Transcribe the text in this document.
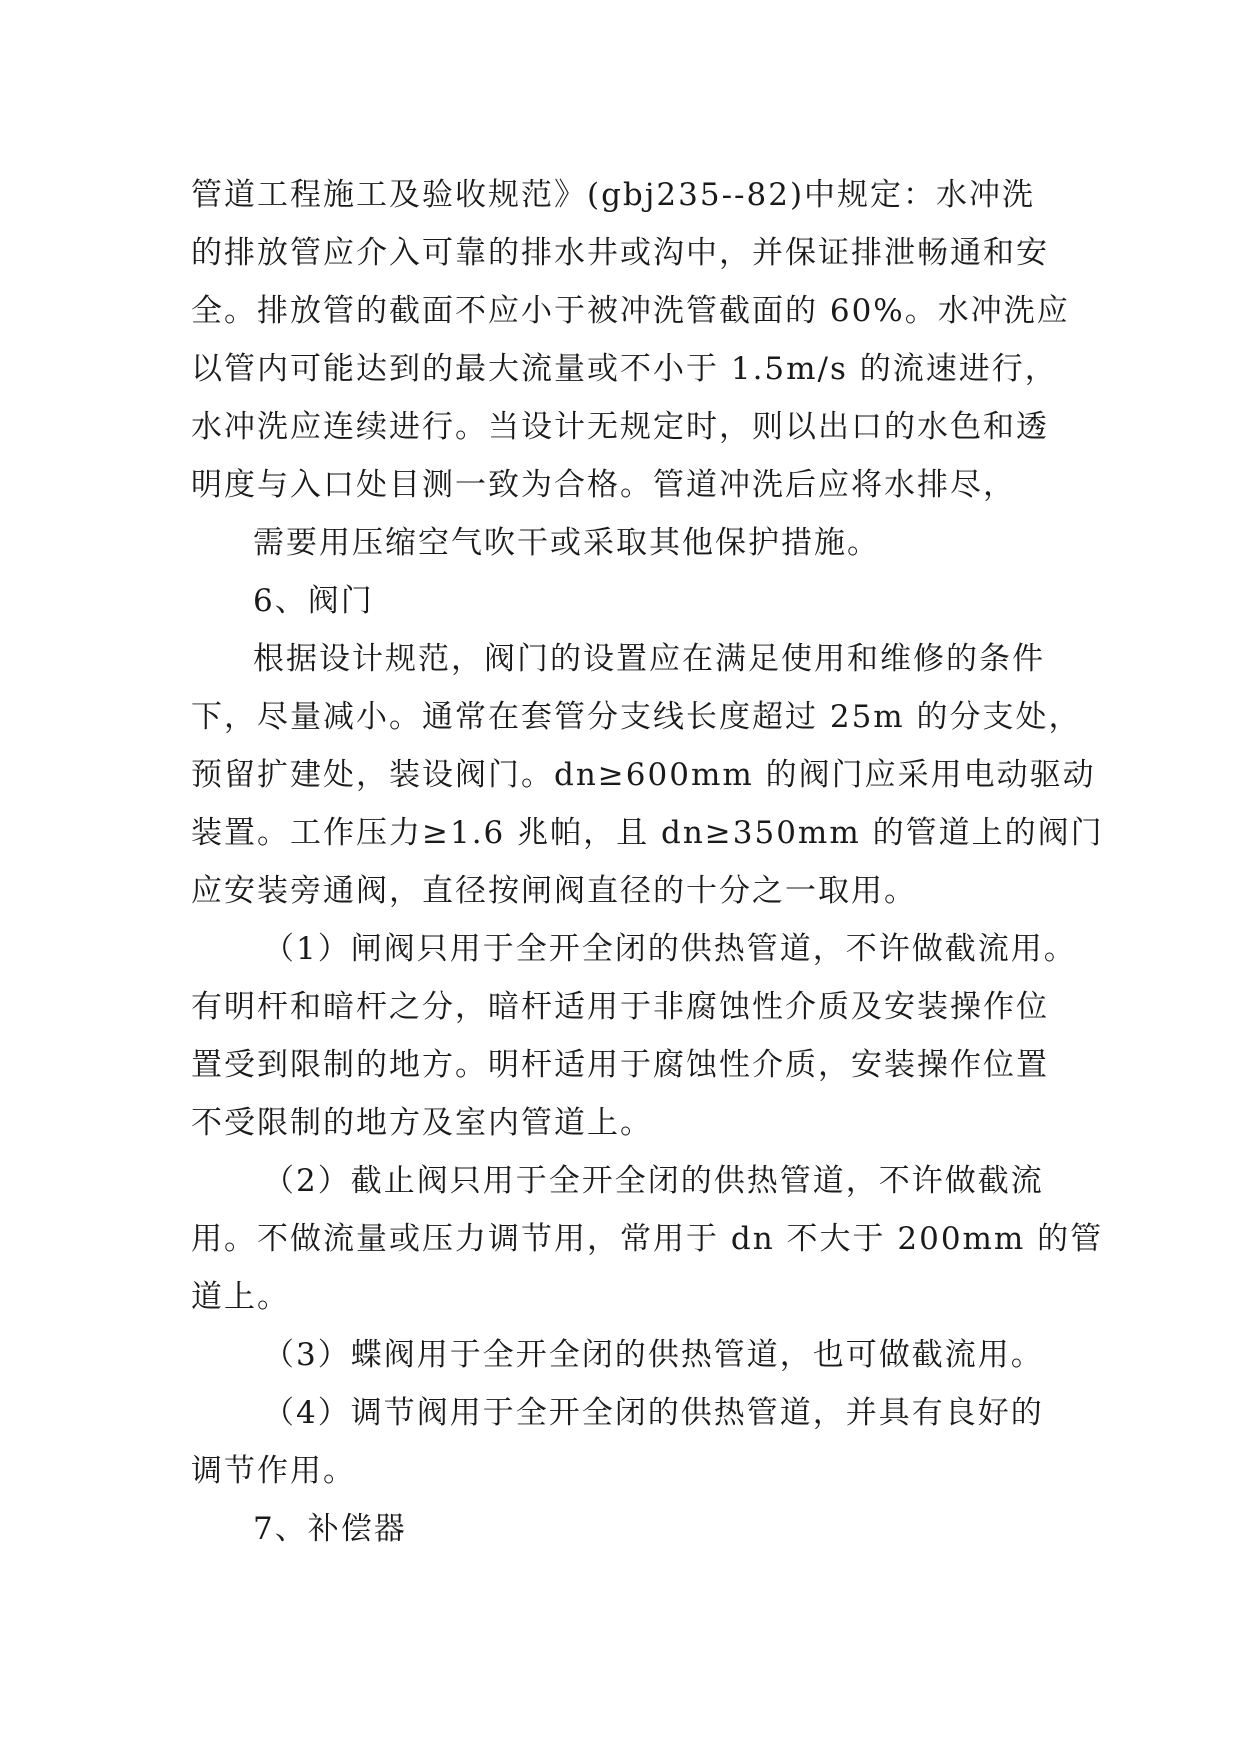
管道工程施工及验收规范》(gbj235--82)中规定：水冲洗
的排放管应介入可靠的排水井或沟中，并保证排泄畅通和安
全。排放管的截面不应小于被冲洗管截面的 60%。水冲洗应
以管内可能达到的最大流量或不小于 1.5m/s 的流速进行，
水冲洗应连续进行。当设计无规定时，则以出口的水色和透
明度与入口处目测一致为合格。管道冲洗后应将水排尽，
需要用压缩空气吹干或采取其他保护措施。
6、阀门
根据设计规范，阀门的设置应在满足使用和维修的条件
下，尽量减小。通常在套管分支线长度超过 25m 的分支处，
预留扩建处，装设阀门。dn≥600mm 的阀门应采用电动驱动
装置。工作压力≥1.6 兆帕，且 dn≥350mm 的管道上的阀门
应安装旁通阀，直径按闸阀直径的十分之一取用。
（1）闸阀只用于全开全闭的供热管道，不许做截流用。
有明杆和暗杆之分，暗杆适用于非腐蚀性介质及安装操作位
置受到限制的地方。明杆适用于腐蚀性介质，安装操作位置
不受限制的地方及室内管道上。
（2）截止阀只用于全开全闭的供热管道，不许做截流
用。不做流量或压力调节用，常用于 dn 不大于 200mm 的管
道上。
（3）蝶阀用于全开全闭的供热管道，也可做截流用。
（4）调节阀用于全开全闭的供热管道，并具有良好的
调节作用。
7、补偿器
